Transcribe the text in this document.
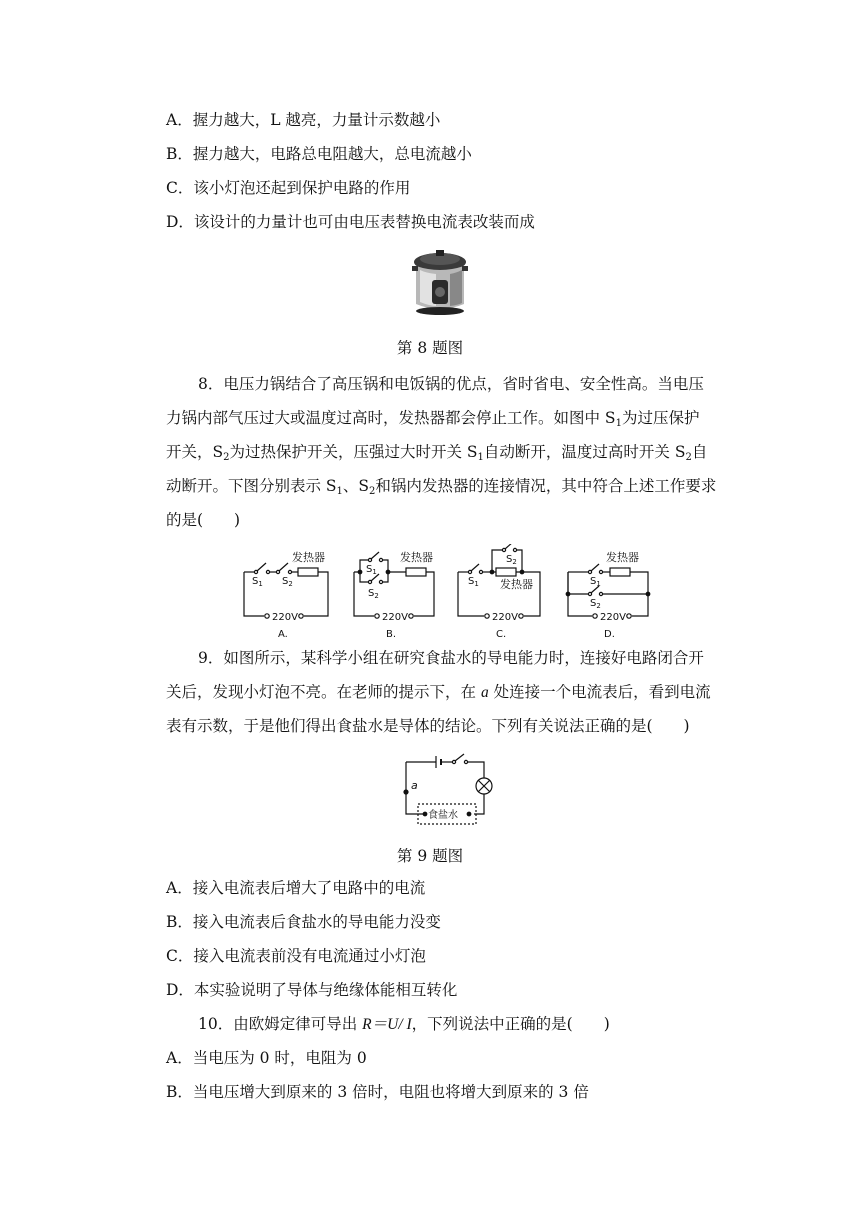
A．握力越大，L 越亮，力量计示数越小
B．握力越大，电路总电阻越大，总电流越小
C．该小灯泡还起到保护电路的作用
D．该设计的力量计也可由电压表替换电流表改装而成
第 8 题图
8．电压力锅结合了高压锅和电饭锅的优点，省时省电、安全性高。当电压
力锅内部气压过大或温度过高时，发热器都会停止工作。如图中 $S_1$为过压保护
开关，$S_2$为过热保护开关，压强过大时开关 $S_1$自动断开，温度过高时开关 $S_2$自
动断开。下图分别表示 $S_1$、$S_2$和锅内发热器的连接情况，其中符合上述工作要求
的是(　　)
发热器
$S_1$ $S_2$
220V
A.
发热器
$S_1$
$S_2$
220V
B.
发热器
$S_1$
$S_2$
220V
C.
发热器
$S_1$
$S_2$
220V
D.
9．如图所示，某科学小组在研究食盐水的导电能力时，连接好电路闭合开
关后，发现小灯泡不亮。在老师的提示下，在 a 处连接一个电流表后，看到电流
表有示数，于是他们得出食盐水是导体的结论。下列有关说法正确的是(　　)
a
食盐水
第 9 题图
A．接入电流表后增大了电路中的电流
B．接入电流表后食盐水的导电能力没变
C．接入电流表前没有电流通过小灯泡
D．本实验说明了导体与绝缘体能相互转化
10．由欧姆定律可导出 R＝U/ I，下列说法中正确的是(　　)
A．当电压为 0 时，电阻为 0
B．当电压增大到原来的 3 倍时，电阻也将增大到原来的 3 倍
